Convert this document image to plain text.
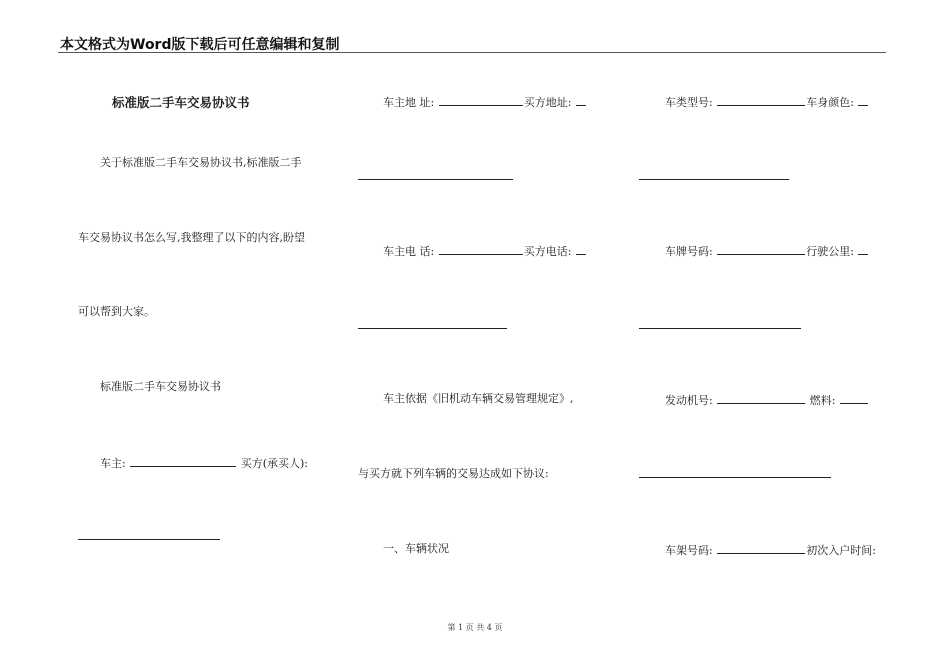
本文格式为Word版下载后可任意编辑和复制
标准版二手车交易协议书
关于标准版二手车交易协议书,标准版二手
车交易协议书怎么写,我整理了以下的内容,盼望
可以帮到大家。
标准版二手车交易协议书
车主:	买方(承买人):
车主地 址:	买方地址:
车主电 话:	买方电话:
车主依据《旧机动车辆交易管理规定》,
与买方就下列车辆的交易达成如下协议:
一、车辆状况
车类型号:	车身颜色:
车牌号码:	行驶公里:
发动机号:	燃料:
车架号码:	初次入户时间:
第 1 页 共 4 页
